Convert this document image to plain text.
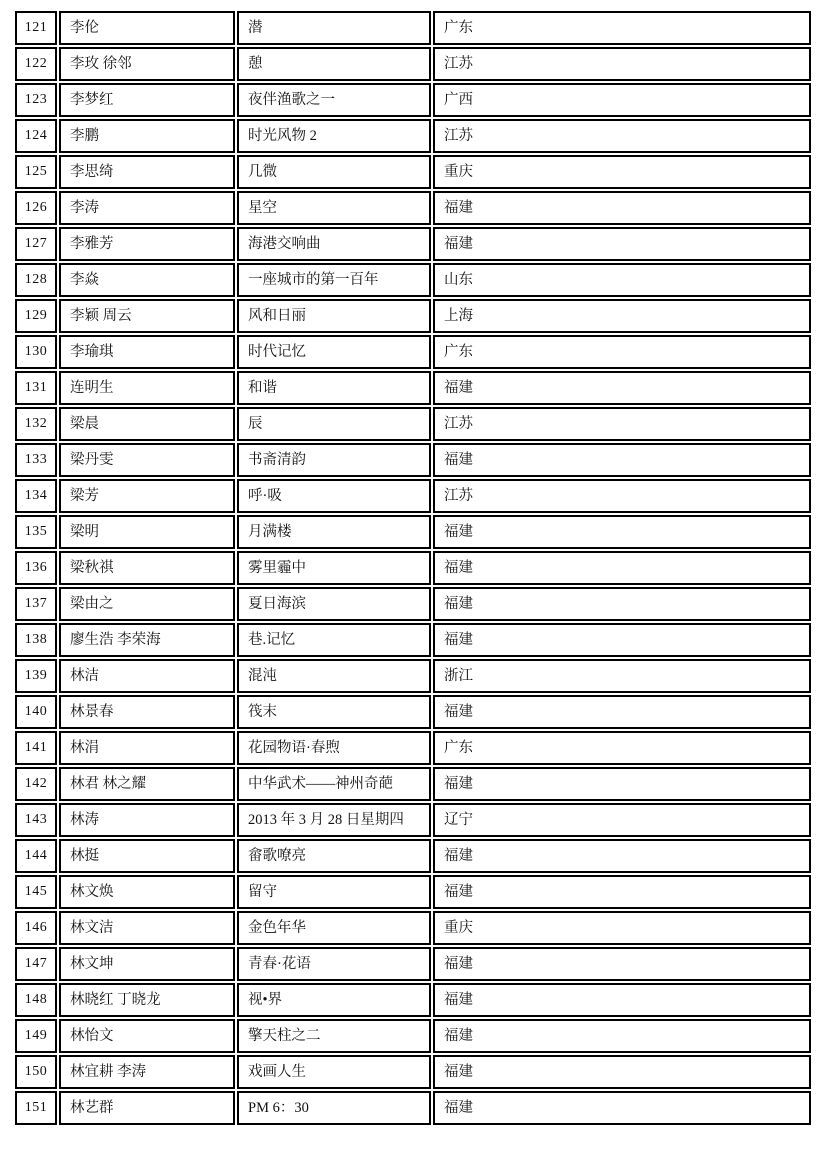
121	李伦	潜	广东
122	李玫 徐邻	憩	江苏
123	李梦红	夜伴渔歌之一	广西
124	李鹏	时光风物 2	江苏
125	李思绮	几微	重庆
126	李涛	星空	福建
127	李雅芳	海港交响曲	福建
128	李焱	一座城市的第一百年	山东
129	李颖 周云	风和日丽	上海
130	李瑜琪	时代记忆	广东
131	连明生	和谐	福建
132	梁晨	辰	江苏
133	梁丹雯	书斋清韵	福建
134	梁芳	呼·吸	江苏
135	梁明	月满楼	福建
136	梁秋祺	雾里霾中	福建
137	梁由之	夏日海滨	福建
138	廖生浩 李荣海	巷.记忆	福建
139	林洁	混沌	浙江
140	林景春	筏末	福建
141	林涓	花园物语·春煦	广东
142	林君 林之耀	中华武术——神州奇葩	福建
143	林涛	2013 年 3 月 28 日星期四	辽宁
144	林挺	畲歌嘹亮	福建
145	林文焕	留守	福建
146	林文洁	金色年华	重庆
147	林文坤	青春·花语	福建
148	林晓红 丁晓龙	视•界	福建
149	林怡文	擎天柱之二	福建
150	林宜耕 李涛	戏画人生	福建
151	林艺群	PM 6：30	福建
